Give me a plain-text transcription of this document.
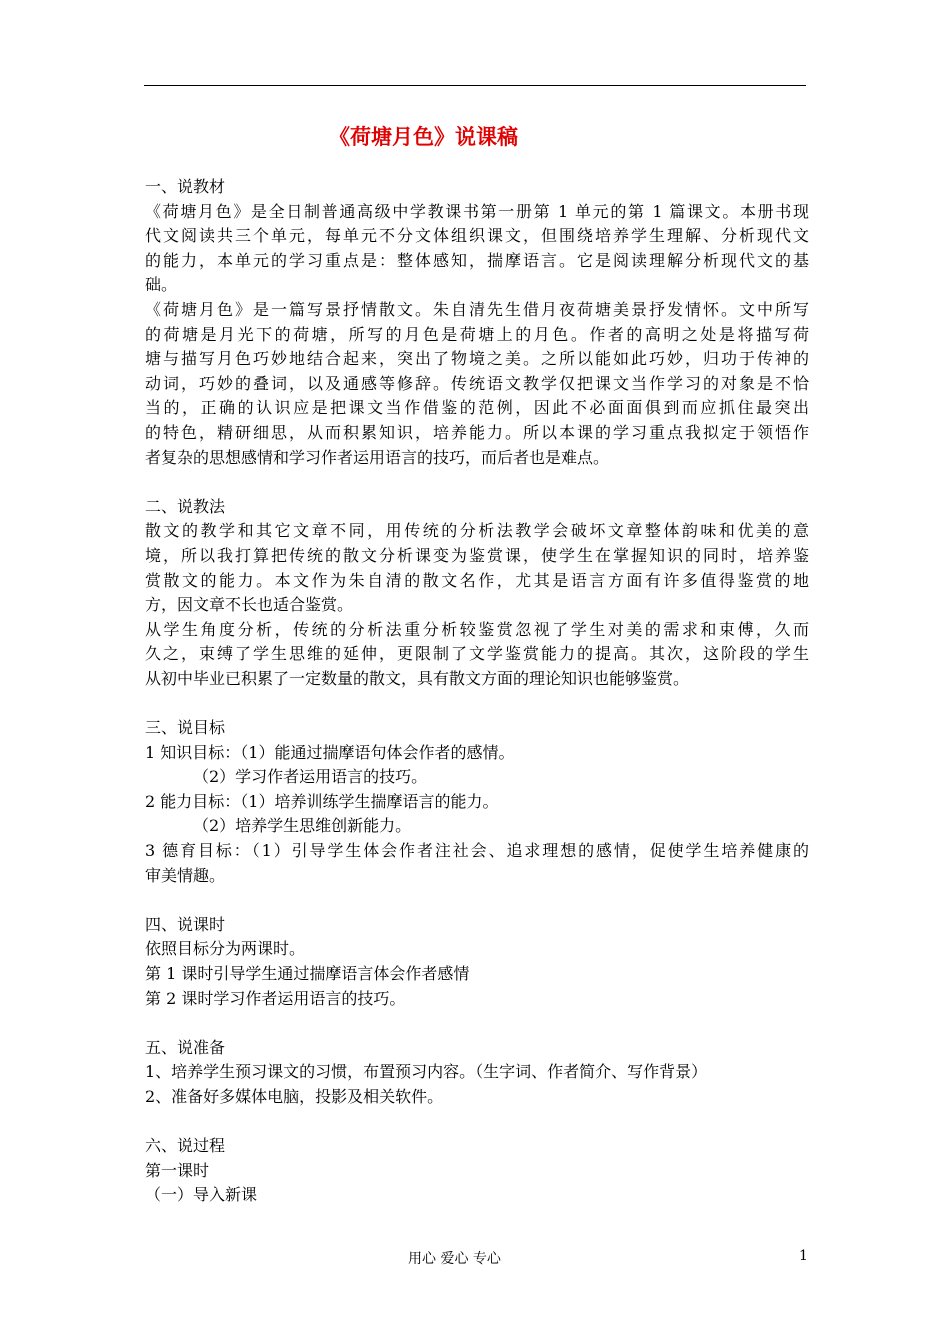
《荷塘月色》说课稿
一、说教材
《荷塘月色》是全日制普通高级中学教课书第一册第 1 单元的第 1 篇课文。本册书现
代文阅读共三个单元，每单元不分文体组织课文，但围绕培养学生理解、分析现代文
的能力，本单元的学习重点是：整体感知，揣摩语言。它是阅读理解分析现代文的基
础。
《荷塘月色》是一篇写景抒情散文。朱自清先生借月夜荷塘美景抒发情怀。文中所写
的荷塘是月光下的荷塘，所写的月色是荷塘上的月色。作者的高明之处是将描写荷
塘与描写月色巧妙地结合起来，突出了物境之美。之所以能如此巧妙，归功于传神的
动词，巧妙的叠词，以及通感等修辞。传统语文教学仅把课文当作学习的对象是不恰
当的，正确的认识应是把课文当作借鉴的范例，因此不必面面俱到而应抓住最突出
的特色，精研细思，从而积累知识，培养能力。所以本课的学习重点我拟定于领悟作
者复杂的思想感情和学习作者运用语言的技巧，而后者也是难点。
二、说教法
散文的教学和其它文章不同，用传统的分析法教学会破坏文章整体韵味和优美的意
境，所以我打算把传统的散文分析课变为鉴赏课，使学生在掌握知识的同时，培养鉴
赏散文的能力。本文作为朱自清的散文名作，尤其是语言方面有许多值得鉴赏的地
方，因文章不长也适合鉴赏。
从学生角度分析，传统的分析法重分析较鉴赏忽视了学生对美的需求和束傅，久而
久之，束缚了学生思维的延伸，更限制了文学鉴赏能力的提高。其次，这阶段的学生
从初中毕业已积累了一定数量的散文，具有散文方面的理论知识也能够鉴赏。
三、说目标
1 知识目标：（1）能通过揣摩语句体会作者的感情。
（2）学习作者运用语言的技巧。
2 能力目标：（1）培养训练学生揣摩语言的能力。
（2）培养学生思维创新能力。
3 德育目标：（1）引导学生体会作者注社会、追求理想的感情，促使学生培养健康的
审美情趣。
四、说课时
依照目标分为两课时。
第 1 课时引导学生通过揣摩语言体会作者感情
第 2 课时学习作者运用语言的技巧。
五、说准备
1、培养学生预习课文的习惯，布置预习内容。（生字词、作者简介、写作背景）
2、准备好多媒体电脑，投影及相关软件。
六、说过程
第一课时
（一）导入新课
用心 爱心 专心	1
